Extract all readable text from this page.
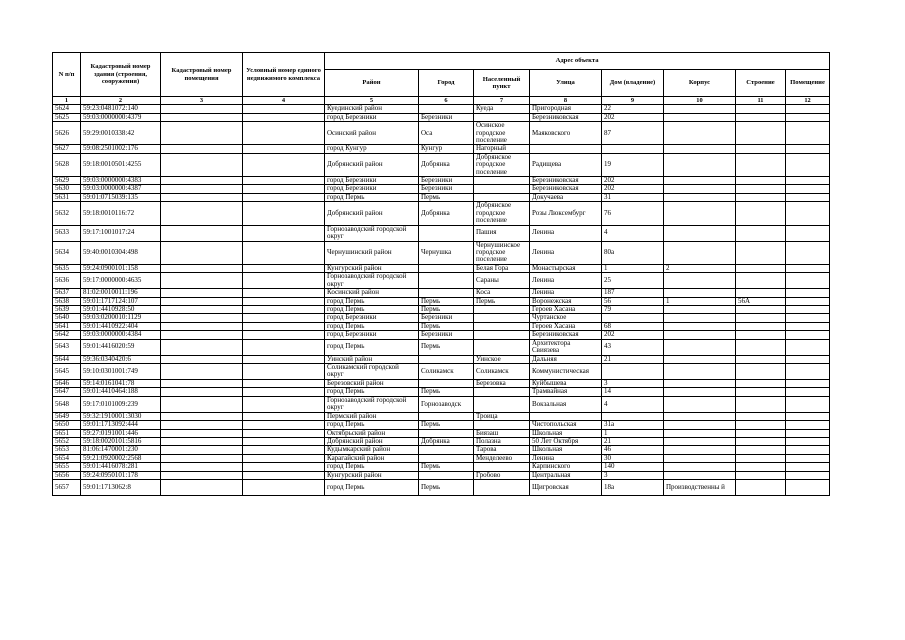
N п/п	Кадастровый номер здания (строения, сооружения)	Кадастровый номер помещения	Условный номер единого недвижимого комплекса	Адрес объекта							
				Район	Город	Населенный пункт	Улица	Дом (владение)	Корпус	Строение	Помещение
1	2	3	4	5	6	7	8	9	10	11	12
5624	59:23:0481072:140			Куединский район		Куеда	Пригородная	22			
5625	59:03:0000000:4379			город Березники	Березники		Березниковская	202			
5626	59:29:0010338:42			Осинский район	Оса	Осинское городское поселение	Маяковского	87			
5627	59:08:2501002:176			город Кунгур	Кунгур	Нагорный					
5628	59:18:0010501:4255			Добрянский район	Добрянка	Добрянское городское поселение	Радищева	19			
5629	59:03:0000000:4383			город Березники	Березники		Березниковская	202			
5630	59:03:0000000:4387			город Березники	Березники		Березниковская	202			
5631	59:01:0715039:135			город Пермь	Пермь		Докучаева	31			
5632	59:18:0010116:72			Добрянский район	Добрянка	Добрянское городское поселение	Розы Люксембург	76			
5633	59:17:1001017:24			Горнозаводский городской округ		Пашия	Ленина	4			
5634	59:40:0010304:498			Чернушинский район	Чернушка	Чернушинское городское поселение	Ленина	80а			
5635	59:24:0900101:158			Кунгурский район		Белая Гора	Монастырская	1	2		
5636	59:17:0000000:4635			Горнозаводский городской округ		Сараны	Ленина	25			
5637	81:02:0010011:196			Косинский район		Коса	Ленина	187			
5638	59:01:1717124:107			город Пермь	Пермь	Пермь	Воронежская	56	1	56А	
5639	59:01:4410928:50			город Пермь	Пермь		Героев Хасана	79			
5640	59:03:0200010:1129			город Березники	Березники		Чуртанское				
5641	59:01:4410922:404			город Пермь	Пермь		Героев Хасана	68			
5642	59:03:0000000:4384			город Березники	Березники		Березниковская	202			
5643	59:01:4416020:59			город Пермь	Пермь		Архитектора Свиязева	43			
5644	59:36:0340420:6			Уинский район		Уинское	Дальняя	21			
5645	59:10:0301001:749			Соликамский городской округ	Соликамск	Соликамск	Коммунистическая				
5646	59:14:0161041:78			Березовский район		Березовка	Куйбышева	3			
5647	59:01:4410464:188			город Пермь	Пермь		Трамвайная	14			
5648	59:17:0101009:239			Горнозаводский городской округ	Горнозаводск		Вокзальная	4			
5649	59:32:1910001:3030			Пермский район		Троица					
5650	59:01:1713092:444			город Пермь	Пермь		Чистопольская	31а			
5651	59:27:0191001:446			Октябрьский район		Биязаш	Школьная	1			
5652	59:18:0020101:5816			Добрянский район	Добрянка	Полазна	50 Лет Октября	21			
5653	81:06:1470001:230			Кудымкарский район		Тарова	Школьная	46			
5654	59:21:0920002:2568			Карагайский район		Менделеево	Ленина	30			
5655	59:01:4416078:281			город Пермь	Пермь		Карпинского	140			
5656	59:24:0950101:178			Кунгурский район		Гробово	Центральная	3			
5657	59:01:1713062:8			город Пермь	Пермь		Щигровская	18а	Производственны й		
